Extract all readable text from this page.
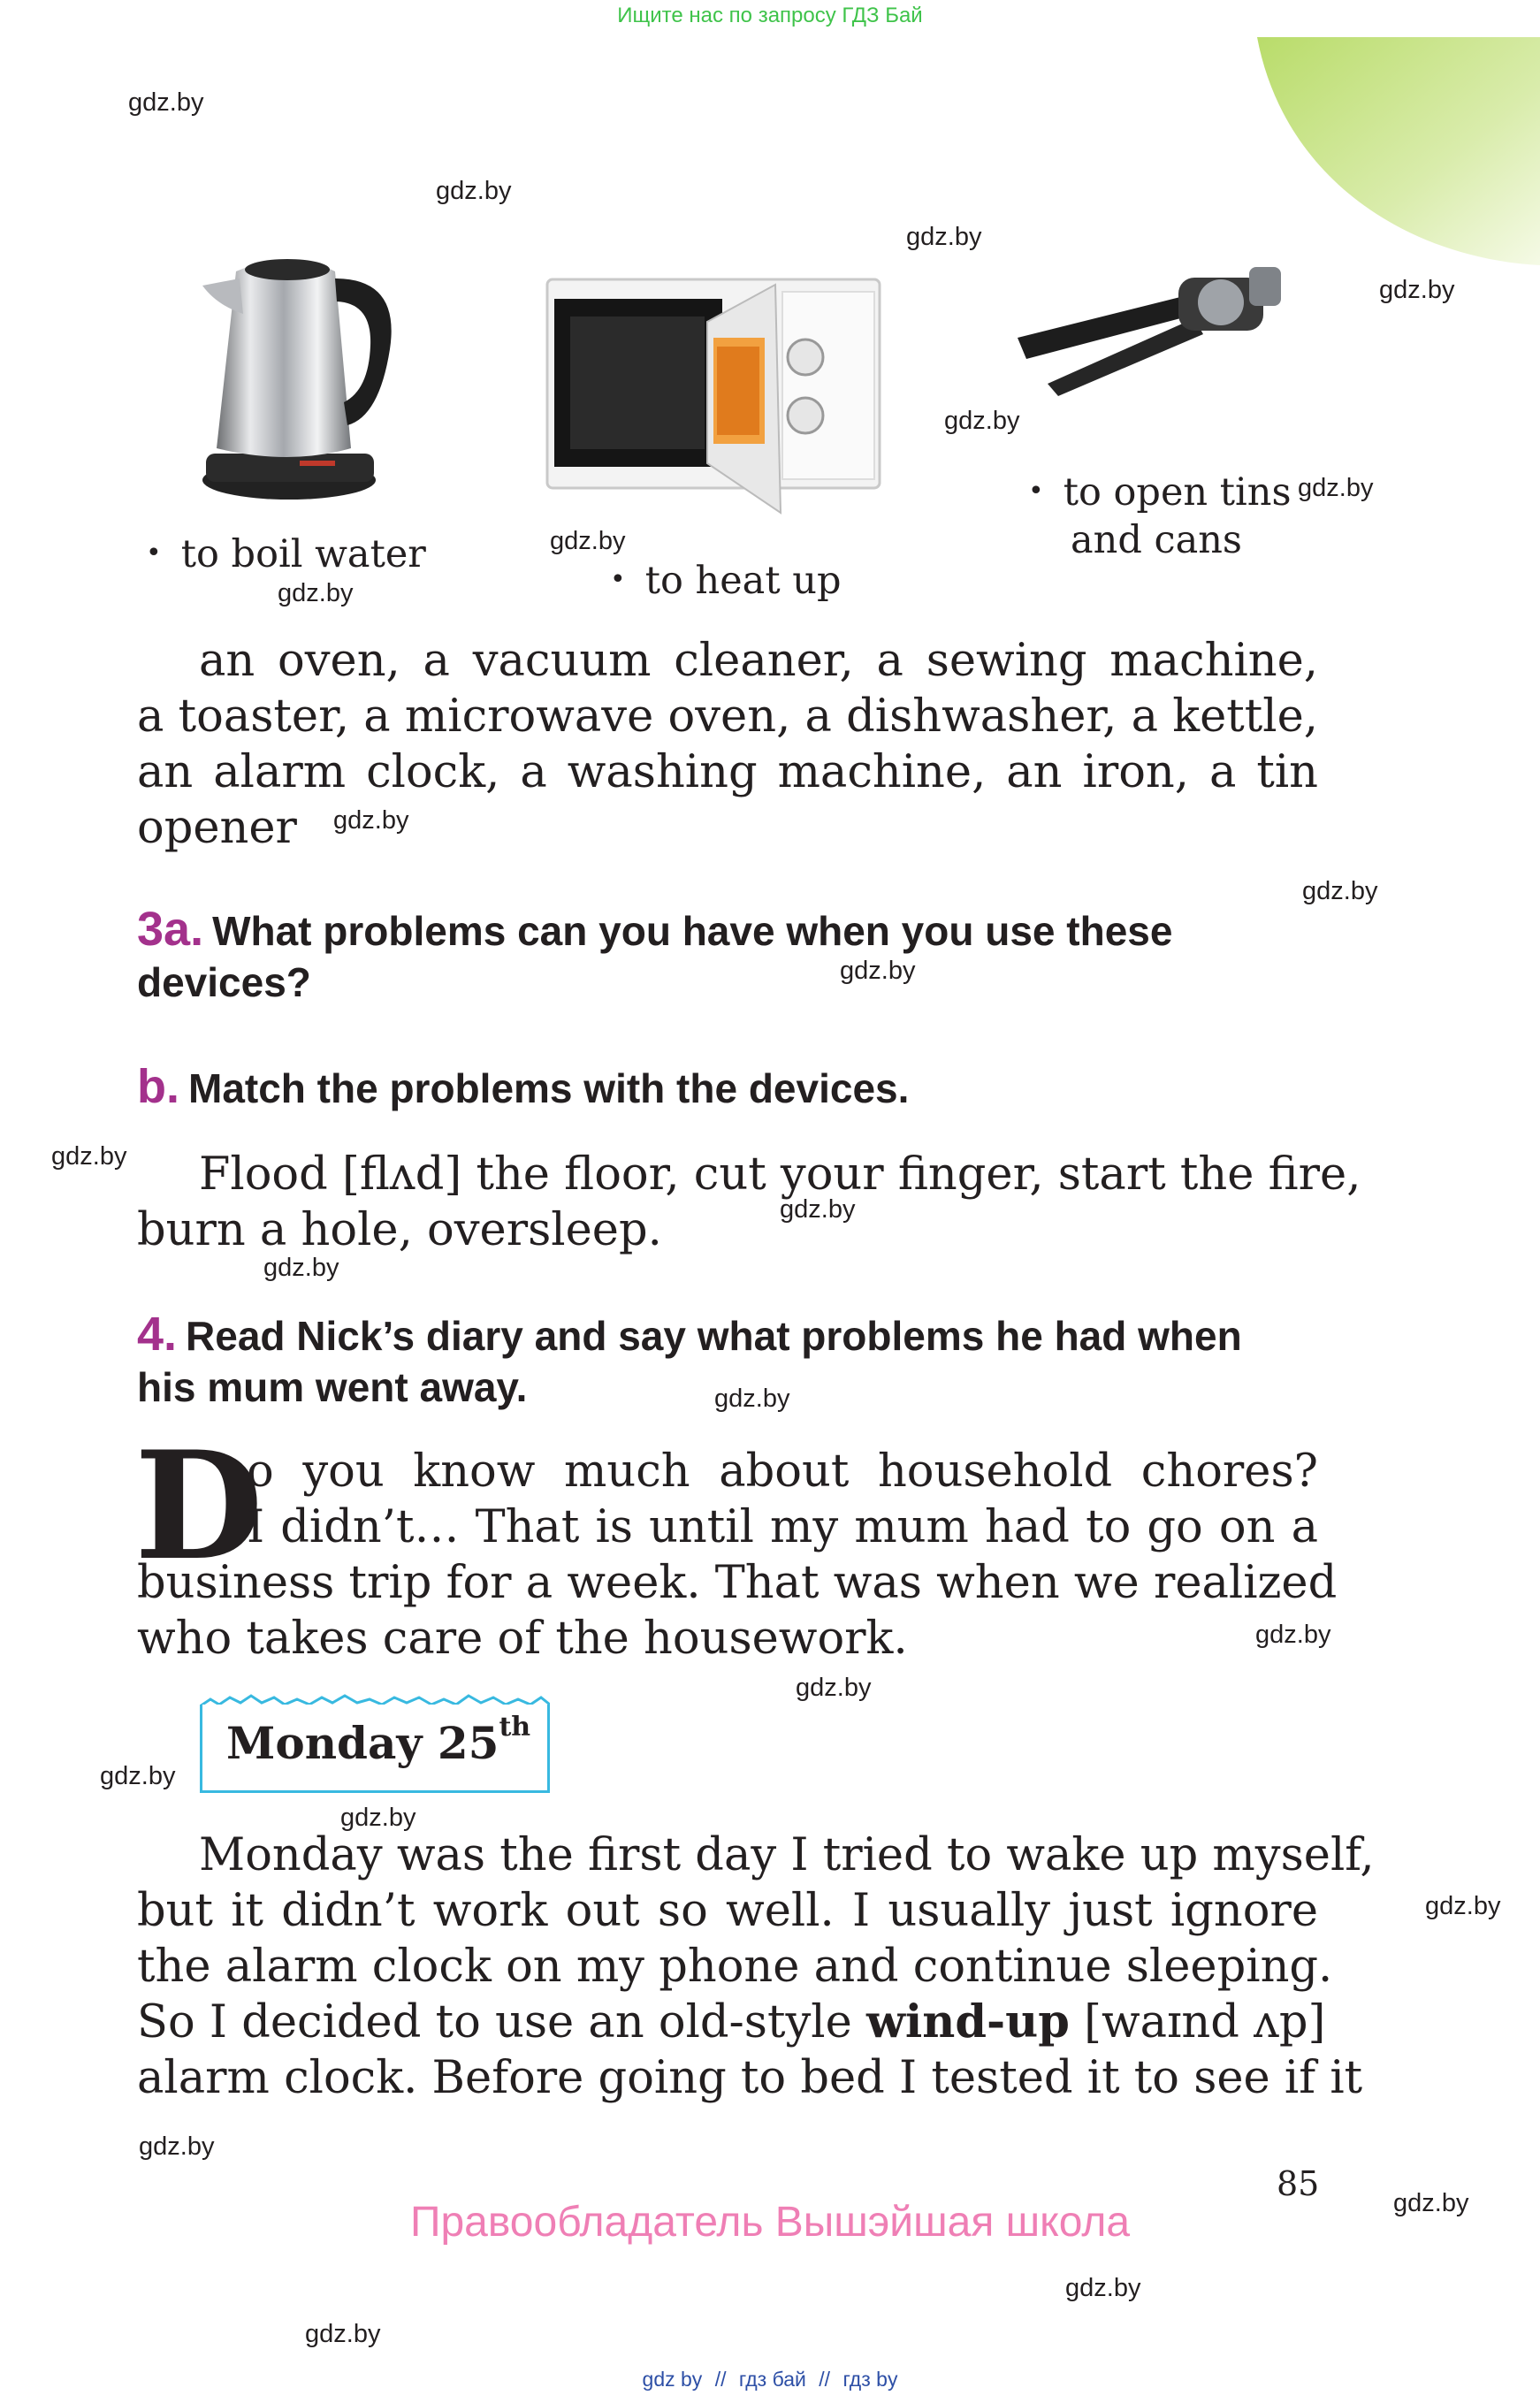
Ищите нас по запросу ГДЗ Бай
gdz.by
gdz.by
gdz.by
gdz.by
gdz.by
gdz.by
gdz.by
gdz.by
gdz.by
gdz.by
gdz.by
gdz.by
gdz.by
gdz.by
gdz.by
gdz.by
gdz.by
gdz.by
gdz.by
gdz.by
gdz.by
gdz.by
gdz.by
gdz.by
• to boil water
• to heat up
• to open tins
and cans
an oven, a vacuum cleaner, a sewing machine,
a toaster, a microwave oven, a dishwasher, a kettle,
an alarm clock, a washing machine, an iron, a tin
opener
3a. What problems can you have when you use these
devices?
b. Match the problems with the devices.
Flood [flʌd] the floor, cut your finger, start the fire,
burn a hole, oversleep.
4. Read Nick’s diary and say what problems he had when
his mum went away.
D
o you know much about household chores?
I didn’t… That is until my mum had to go on a
business trip for a week. That was when we realized
who takes care of the housework.
Monday 25th
Monday was the first day I tried to wake up myself,
but it didn’t work out so well. I usually just ignore
the alarm clock on my phone and continue sleeping.
So I decided to use an old-style wind-up [waɪnd ʌp]
alarm clock. Before going to bed I tested it to see if it
85
Правообладатель Вышэйшая школа
gdz by // гдз бай // гдз by
